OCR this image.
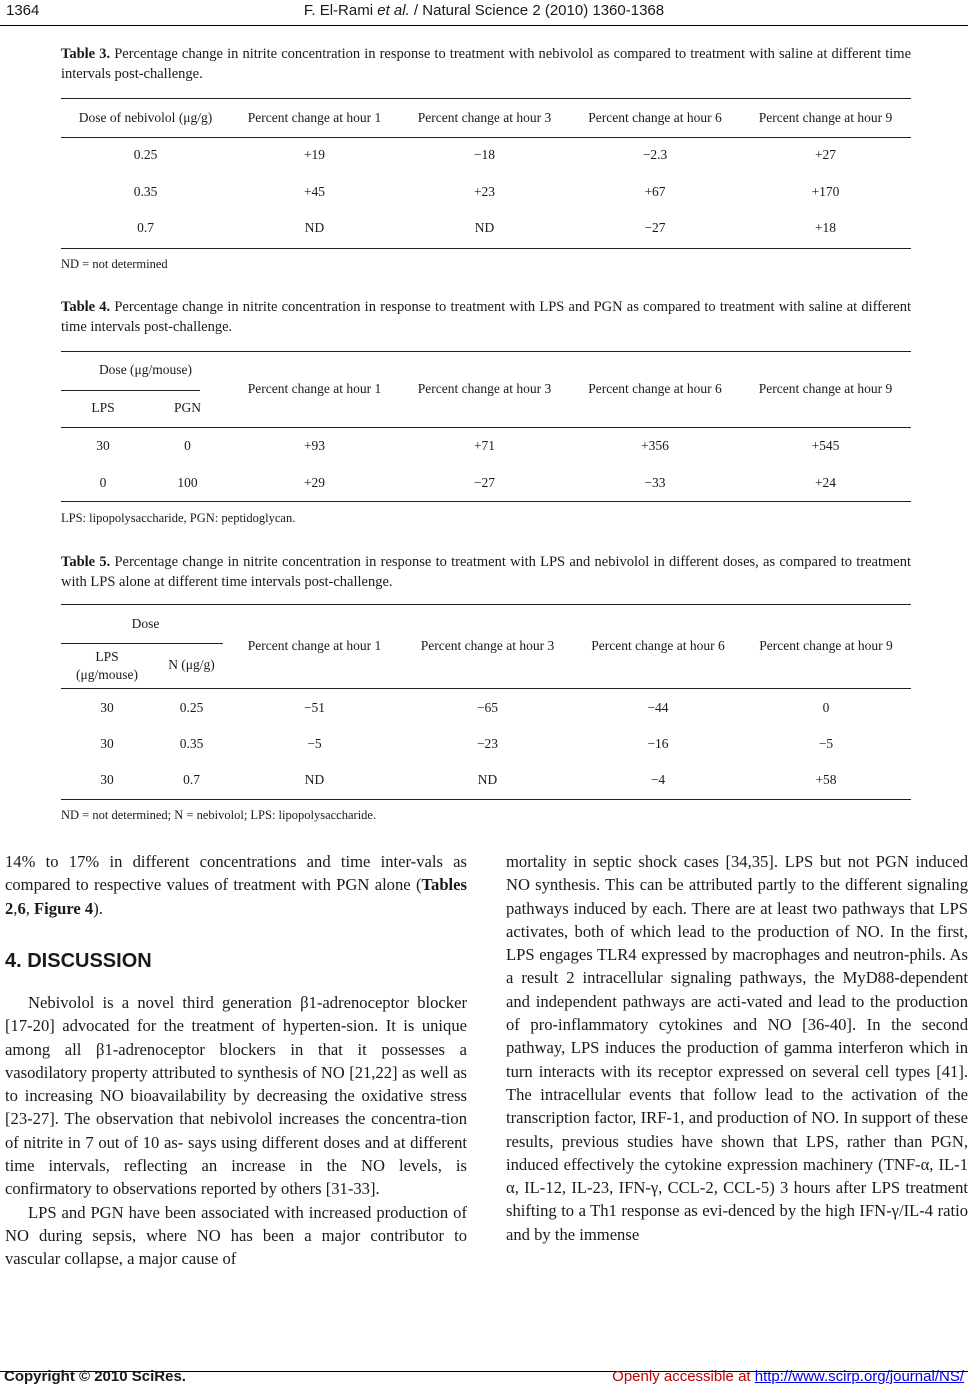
1364	F. El-Rami et al. / Natural Science 2 (2010) 1360-1368
Table 3. Percentage change in nitrite concentration in response to treatment with nebivolol as compared to treatment with saline at different time intervals post-challenge.
Dose of nebivolol (μg/g)	Percent change at hour 1	Percent change at hour 3	Percent change at hour 6	Percent change at hour 9
0.25	+19	−18	−2.3	+27
0.35	+45	+23	+67	+170
0.7	ND	ND	−27	+18
ND = not determined
Table 4. Percentage change in nitrite concentration in response to treatment with LPS and PGN as compared to treatment with saline at different time intervals post-challenge.
Dose (μg/mouse)
LPS	PGN
Percent change at hour 1	Percent change at hour 3	Percent change at hour 6	Percent change at hour 9
30	0	+93	+71	+356	+545
0	100	+29	−27	−33	+24
LPS: lipopolysaccharide, PGN: peptidoglycan.
Table 5. Percentage change in nitrite concentration in response to treatment with LPS and nebivolol in different doses, as compared to treatment with LPS alone at different time intervals post-challenge.
Dose
LPS
(μg/mouse)
N (μg/g)
Percent change at hour 1	Percent change at hour 3	Percent change at hour 6	Percent change at hour 9
30	0.25	−51	−65	−44	0
30	0.35	−5	−23	−16	−5
30	0.7	ND	ND	−4	+58
ND = not determined; N = nebivolol; LPS: lipopolysaccharide.

14% to 17% in different concentrations and time inter-vals as compared to respective values of treatment with PGN alone (Tables 2,6, Figure 4).

4. DISCUSSION

Nebivolol is a novel third generation β1-adrenoceptor blocker [17-20] advocated for the treatment of hyperten-sion. It is unique among all β1-adrenoceptor blockers in that it possesses a vasodilatory property attributed to synthesis of NO [21,22] as well as to increasing NO bioavailability by decreasing the oxidative stress [23-27]. The observation that nebivolol increases the concentra-tion of nitrite in 7 out of 10 as- says using different doses and at different time intervals, reflecting an increase in the NO levels, is confirmatory to observations reported by others [31-33].

LPS and PGN have been associated with increased production of NO during sepsis, where NO has been a major contributor to vascular collapse, a major cause of

mortality in septic shock cases [34,35]. LPS but not PGN induced NO synthesis. This can be attributed partly to the different signaling pathways induced by each. There are at least two pathways that LPS activates, both of which lead to the production of NO. In the first, LPS engages TLR4 expressed by macrophages and neutron-phils. As a result 2 intracellular signaling pathways, the MyD88-dependent and independent pathways are acti-vated and lead to the production of pro-inflammatory cytokines and NO [36-40]. In the second pathway, LPS induces the production of gamma interferon which in turn interacts with its receptor expressed on several cell types [41]. The intracellular events that follow lead to the activation of the transcription factor, IRF-1, and production of NO. In support of these results, previous studies have shown that LPS, rather than PGN, induced effectively the cytokine expression machinery (TNF-α, IL-1 α, IL-12, IL-23, IFN-γ, CCL-2, CCL-5) 3 hours after LPS treatment shifting to a Th1 response as evi-denced by the high IFN-γ/IL-4 ratio and by the immense

Copyright © 2010 SciRes.	Openly accessible at http://www.scirp.org/journal/NS/
